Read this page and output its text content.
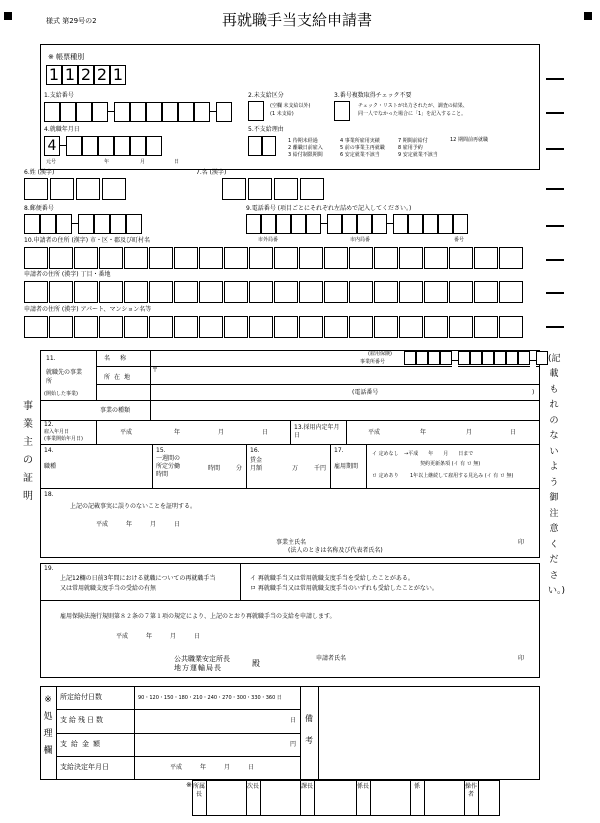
様式 第29号の2	再就職手当支給申請書
※ 帳票種別
1 1 2 2 1
1.支給番号	2.未支給区分
(空欄 未支給以外)
(1 未支給)
3.番号複数取得チェック不要
チェック・リストが出力されたが、調査の結果、
同一人でなかった場合に「1」を記入すること。
4.就職年月日
4
元号	年	月	日
5.不支給理由
1 待期未経過
2 離職日前雇入
3 給付制限期間
4 事業所雇用実績
5 前の事業主再就職
6 安定就業不該当
7 期間前給付
8 雇用予約
9 安定就業不該当
12 期間前再就職
6.姓 (漢字)	7.名 (漢字)
8.郵便番号	9.電話番号 (項目ごとにそれぞれ左詰めで記入してください。)
市外局番	市内局番	番号
10.申請者の住所 (漢字) 市・区・郡及び町村名
申請者の住所 (漢字) 丁目・番地
申請者の住所 (漢字) アパート、マンション名等
事業主の証明
11.
就職先の事業所
(開始した事業)
名称
(雇用保険)
事業所番号
所在地
〒
(電話番号	)
事業の種類
12.
雇入年月日
(事業開始年月日)
平成	年	月	日
13.採用内定年月日	平成	年	月	日
14.
職種
15.
一週間の
所定労働
時間
時間	分
16.
賃金
月額	万	千円
17.
雇用期間
イ 定めなし →平成　　年　　月　　日まで
契約更新条項 (イ 有 ロ 無)
ロ 定めあり 1年以上継続して雇用する見込み (イ 有 ロ 無)
18.
上記の記載事実に誤りのないことを証明する。
平成　　　年　　　月　　　日
事業主氏名
(法人のときは名称及び代表者氏名)
印
19.
上記12欄の日前3年間における就職についての再就職手当
又は常用就職支度手当の受給の有無
イ 再就職手当又は常用就職支度手当を受給したことがある。
ロ 再就職手当又は常用就職支度手当のいずれも受給したことがない。
雇用保険法施行規則第８２条の７第１項の規定により、上記のとおり再就職手当の支給を申請します。
平成　　　年　　　月　　　日
公共職業安定所長
地方運輸局長	殿
申請者氏名	印
※処理欄
所定給付日数	90・120・150・180・210・240・270・300・330・360 日
支給残日数	日
支給金額	円
支給決定年月日	平成　　　年　　　月　　　日
備考
※ 所属長
次長	課長	係長	係	操作者
(記載もれのないよう御注意ください。)
